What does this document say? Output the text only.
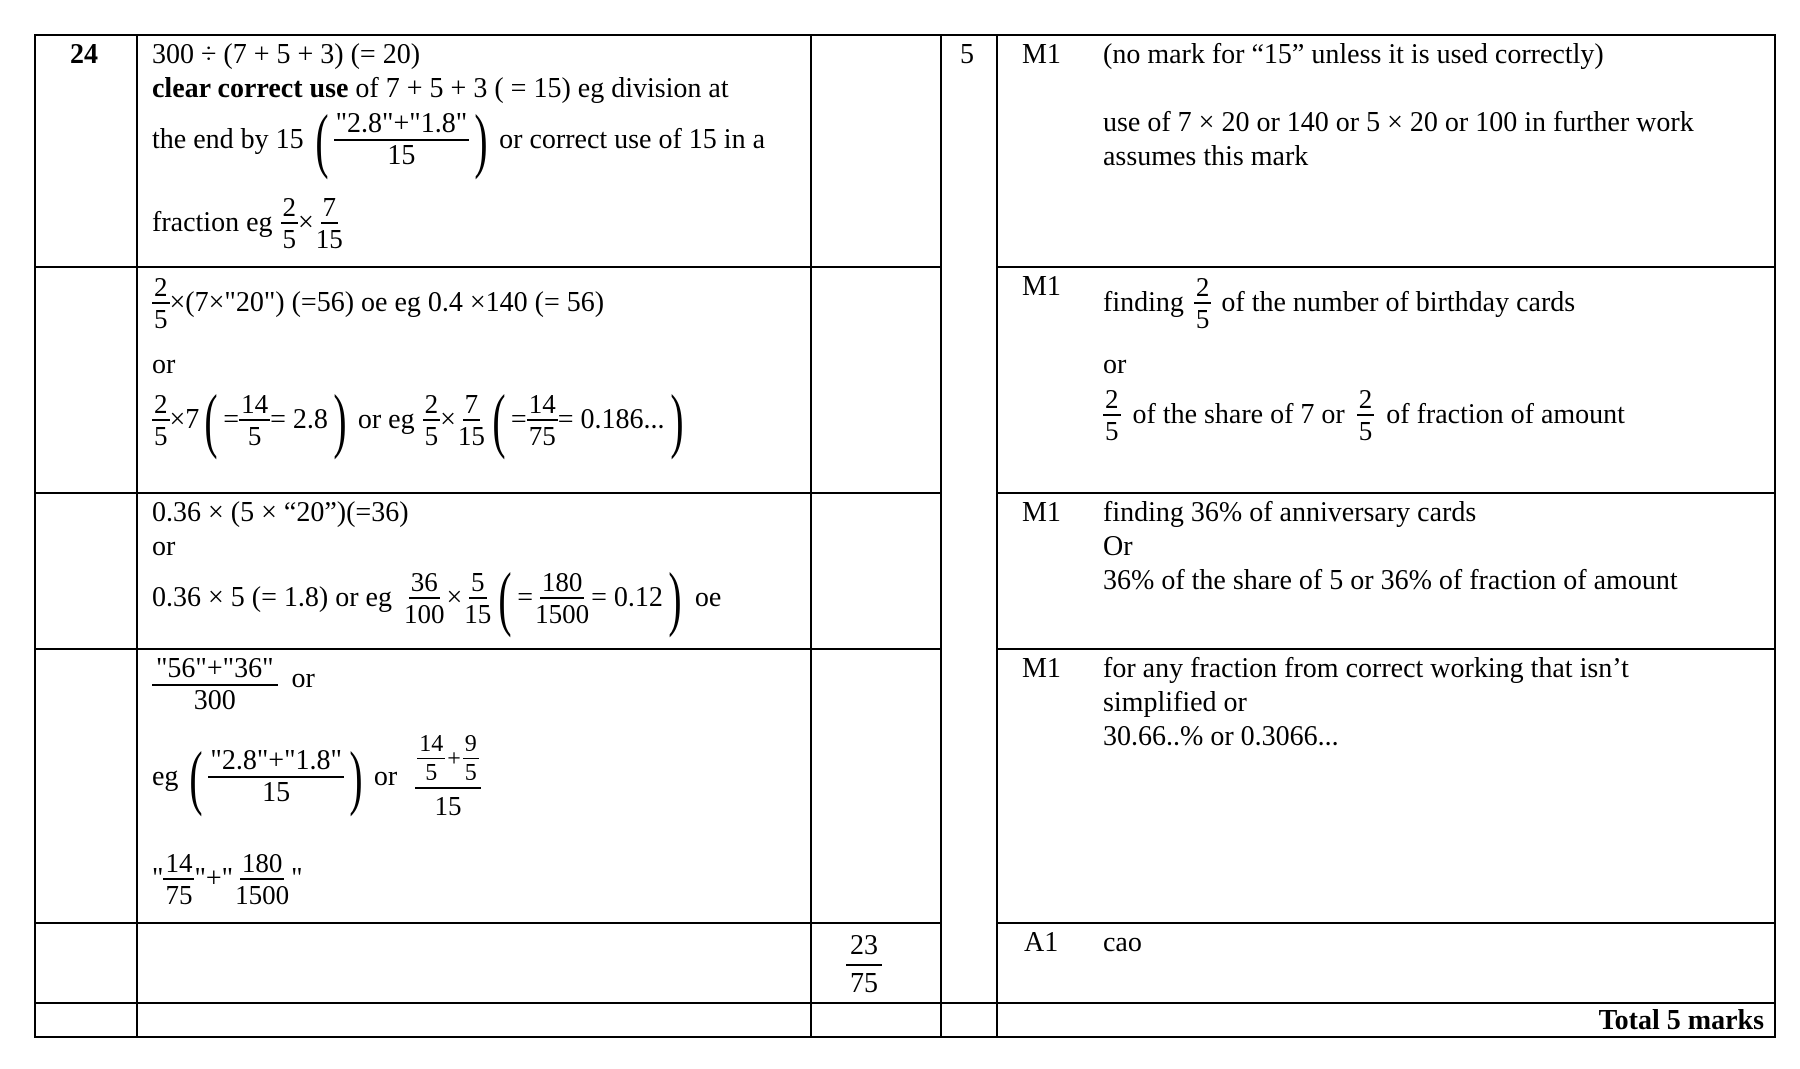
24	5
300 ÷ (7 + 5 + 3) (= 20)
clear correct use of 7 + 5 + 3 ( = 15) eg division at
the end by 15 ( $\frac{"2.8"+"1.8"}{15}$ ) or correct use of 15 in a
fraction eg $\frac{2}{5} \times \frac{7}{15}$
M1 (no mark for “15” unless it is used correctly)
use of 7 × 20 or 140 or 5 × 20 or 100 in further work
assumes this mark
$\frac{2}{5}$ ×(7×"20") (=56) oe eg 0.4 ×140 (= 56)
or
$\frac{2}{5} \times 7$ ( = $\frac{14}{5} = 2.8$ ) or eg $\frac{2}{5} \times \frac{7}{15}$ ( = $\frac{14}{75} = 0.186$... )
M1
finding $\frac{2}{5}$ of the number of birthday cards
or
$\frac{2}{5}$ of the share of 7 or $\frac{2}{5}$ of fraction of amount
0.36 × (5 × “20”)(=36)
or
0.36 × 5 (= 1.8) or eg $\frac{36}{100} \times \frac{5}{15}$ ( = $\frac{180}{1500} = 0.12$ ) oe
M1 finding 36% of anniversary cards
Or
36% of the share of 5 or 36% of fraction of amount
$\frac{"56"+"36"}{300}$ or
eg ( $\frac{"2.8"+"1.8"}{15}$ ) or $\frac{\frac{14}{5} + \frac{9}{5}}{15}$
" $\frac{14}{75}$ "+" $\frac{180}{1500}$ "
M1 for any fraction from correct working that isn’t
simplified or
30.66..% or 0.3066...
$\frac{23}{75}$	A1 cao
Total 5 marks
